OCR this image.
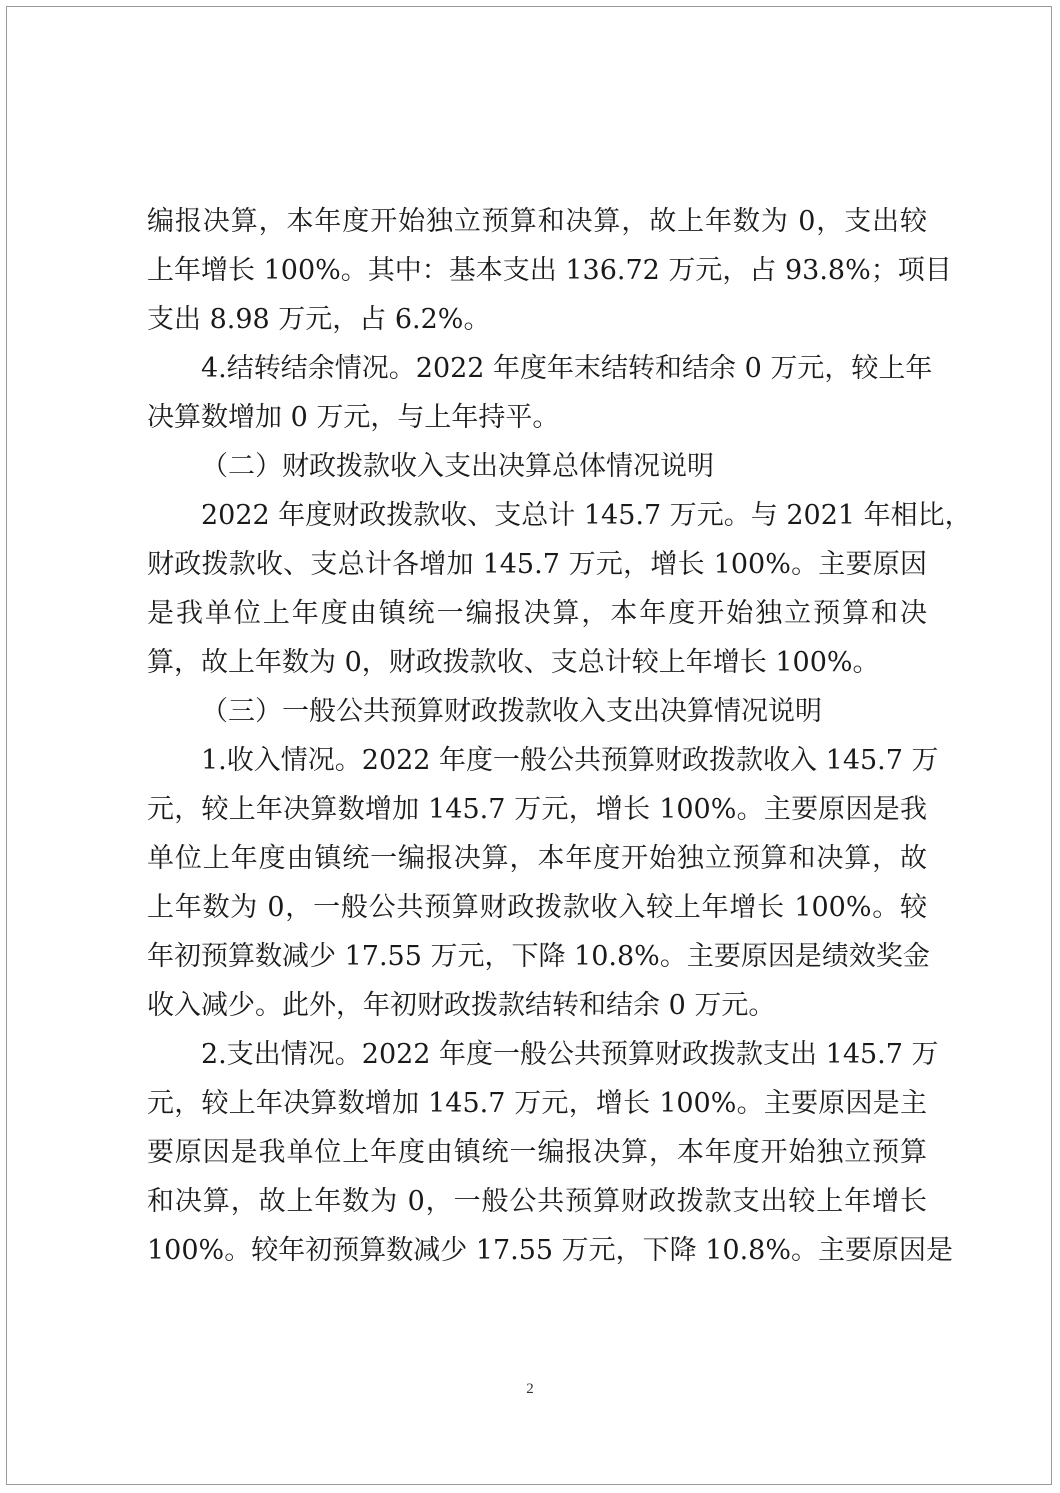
编报决算，本年度开始独立预算和决算，故上年数为 0，支出较
上年增长 100%。其中：基本支出 136.72 万元，占 93.8%；项目
支出 8.98 万元，占 6.2%。
4.结转结余情况。2022 年度年末结转和结余 0 万元，较上年
决算数增加 0 万元，与上年持平。
（二）财政拨款收入支出决算总体情况说明
2022 年度财政拨款收、支总计 145.7 万元。与 2021 年相比，
财政拨款收、支总计各增加 145.7 万元，增长 100%。主要原因
是我单位上年度由镇统一编报决算，本年度开始独立预算和决
算，故上年数为 0，财政拨款收、支总计较上年增长 100%。
（三）一般公共预算财政拨款收入支出决算情况说明
1.收入情况。2022 年度一般公共预算财政拨款收入 145.7 万
元，较上年决算数增加 145.7 万元，增长 100%。主要原因是我
单位上年度由镇统一编报决算，本年度开始独立预算和决算，故
上年数为 0，一般公共预算财政拨款收入较上年增长 100%。较
年初预算数减少 17.55 万元，下降 10.8%。主要原因是绩效奖金
收入减少。此外，年初财政拨款结转和结余 0 万元。
2.支出情况。2022 年度一般公共预算财政拨款支出 145.7 万
元，较上年决算数增加 145.7 万元，增长 100%。主要原因是主
要原因是我单位上年度由镇统一编报决算，本年度开始独立预算
和决算，故上年数为 0，一般公共预算财政拨款支出较上年增长
100%。较年初预算数减少 17.55 万元，下降 10.8%。主要原因是
2
